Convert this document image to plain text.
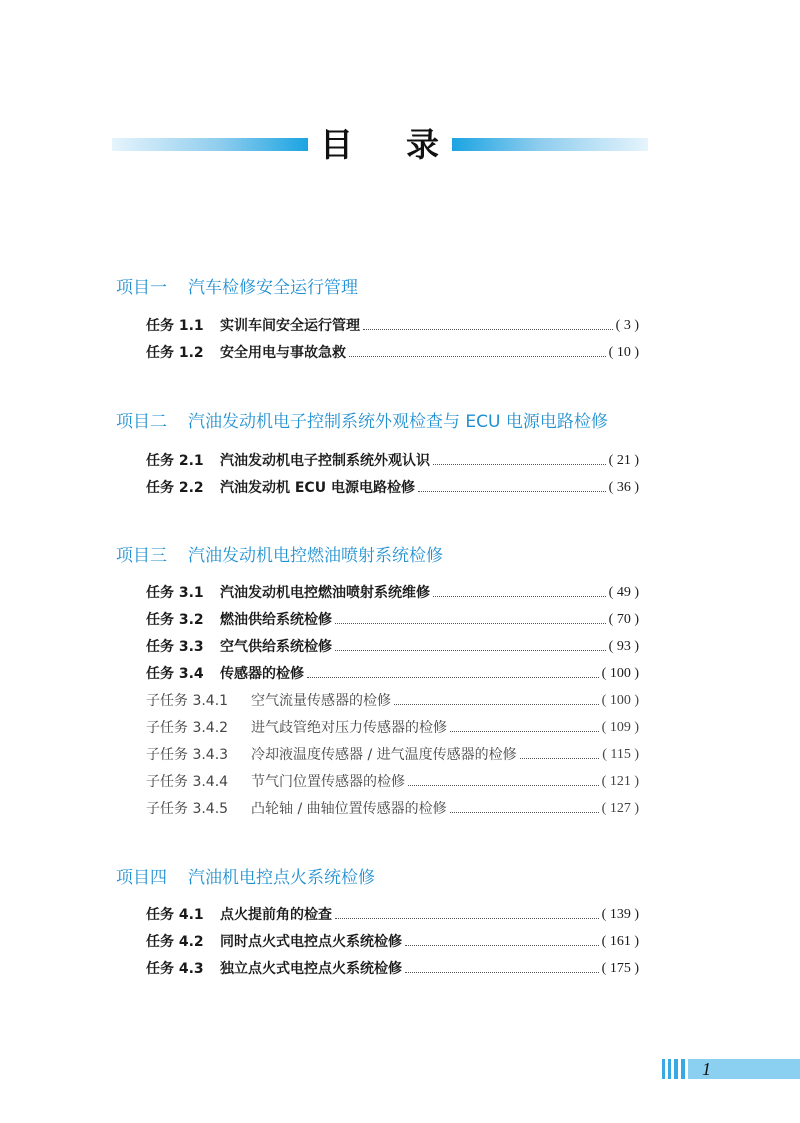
目 录
项目一 汽车检修安全运行管理
任务 1.1	实训车间安全运行管理	( 3 )
任务 1.2	安全用电与事故急救	( 10 )
项目二 汽油发动机电子控制系统外观检查与 ECU 电源电路检修
任务 2.1	汽油发动机电子控制系统外观认识	( 21 )
任务 2.2	汽油发动机 ECU 电源电路检修	( 36 )
项目三 汽油发动机电控燃油喷射系统检修
任务 3.1	汽油发动机电控燃油喷射系统维修	( 49 )
任务 3.2	燃油供给系统检修	( 70 )
任务 3.3	空气供给系统检修	( 93 )
任务 3.4	传感器的检修	( 100 )
子任务 3.4.1	空气流量传感器的检修	( 100 )
子任务 3.4.2	进气歧管绝对压力传感器的检修	( 109 )
子任务 3.4.3	冷却液温度传感器 / 进气温度传感器的检修	( 115 )
子任务 3.4.4	节气门位置传感器的检修	( 121 )
子任务 3.4.5	凸轮轴 / 曲轴位置传感器的检修	( 127 )
项目四 汽油机电控点火系统检修
任务 4.1	点火提前角的检查	( 139 )
任务 4.2	同时点火式电控点火系统检修	( 161 )
任务 4.3	独立点火式电控点火系统检修	( 175 )
1
